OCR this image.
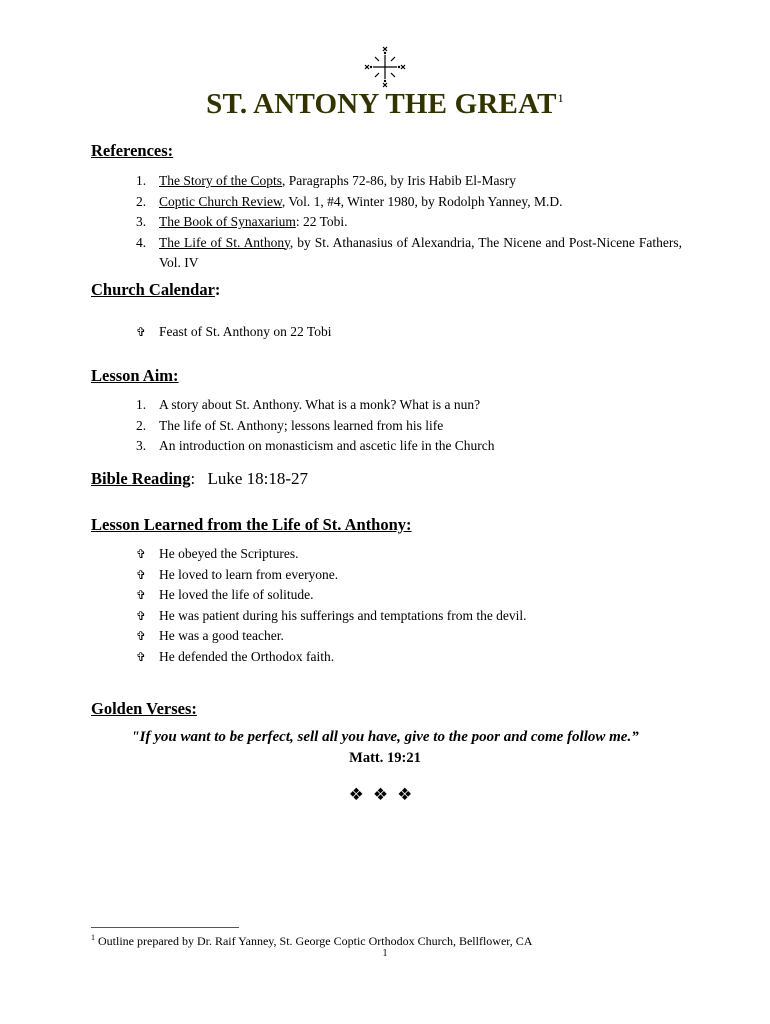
ST. ANTONY THE GREAT$^1$
References:
1. The Story of the Copts, Paragraphs 72-86, by Iris Habib El-Masry
2. Coptic Church Review, Vol. 1, #4, Winter 1980, by Rodolph Yanney, M.D.
3. The Book of Synaxarium: 22 Tobi.
4. The Life of St. Anthony, by St. Athanasius of Alexandria, The Nicene and Post-Nicene Fathers, Vol. IV
Church Calendar:
✞ Feast of St. Anthony on 22 Tobi
Lesson Aim:
1. A story about St. Anthony. What is a monk? What is a nun?
2. The life of St. Anthony; lessons learned from his life
3. An introduction on monasticism and ascetic life in the Church
Bible Reading: Luke 18:18-27
Lesson Learned from the Life of St. Anthony:
✞ He obeyed the Scriptures.
✞ He loved to learn from everyone.
✞ He loved the life of solitude.
✞ He was patient during his sufferings and temptations from the devil.
✞ He was a good teacher.
✞ He defended the Orthodox faith.
Golden Verses:
"If you want to be perfect, sell all you have, give to the poor and come follow me.”
Matt. 19:21
❖❖❖
$^1$ Outline prepared by Dr. Raif Yanney, St. George Coptic Orthodox Church, Bellflower, CA
1
